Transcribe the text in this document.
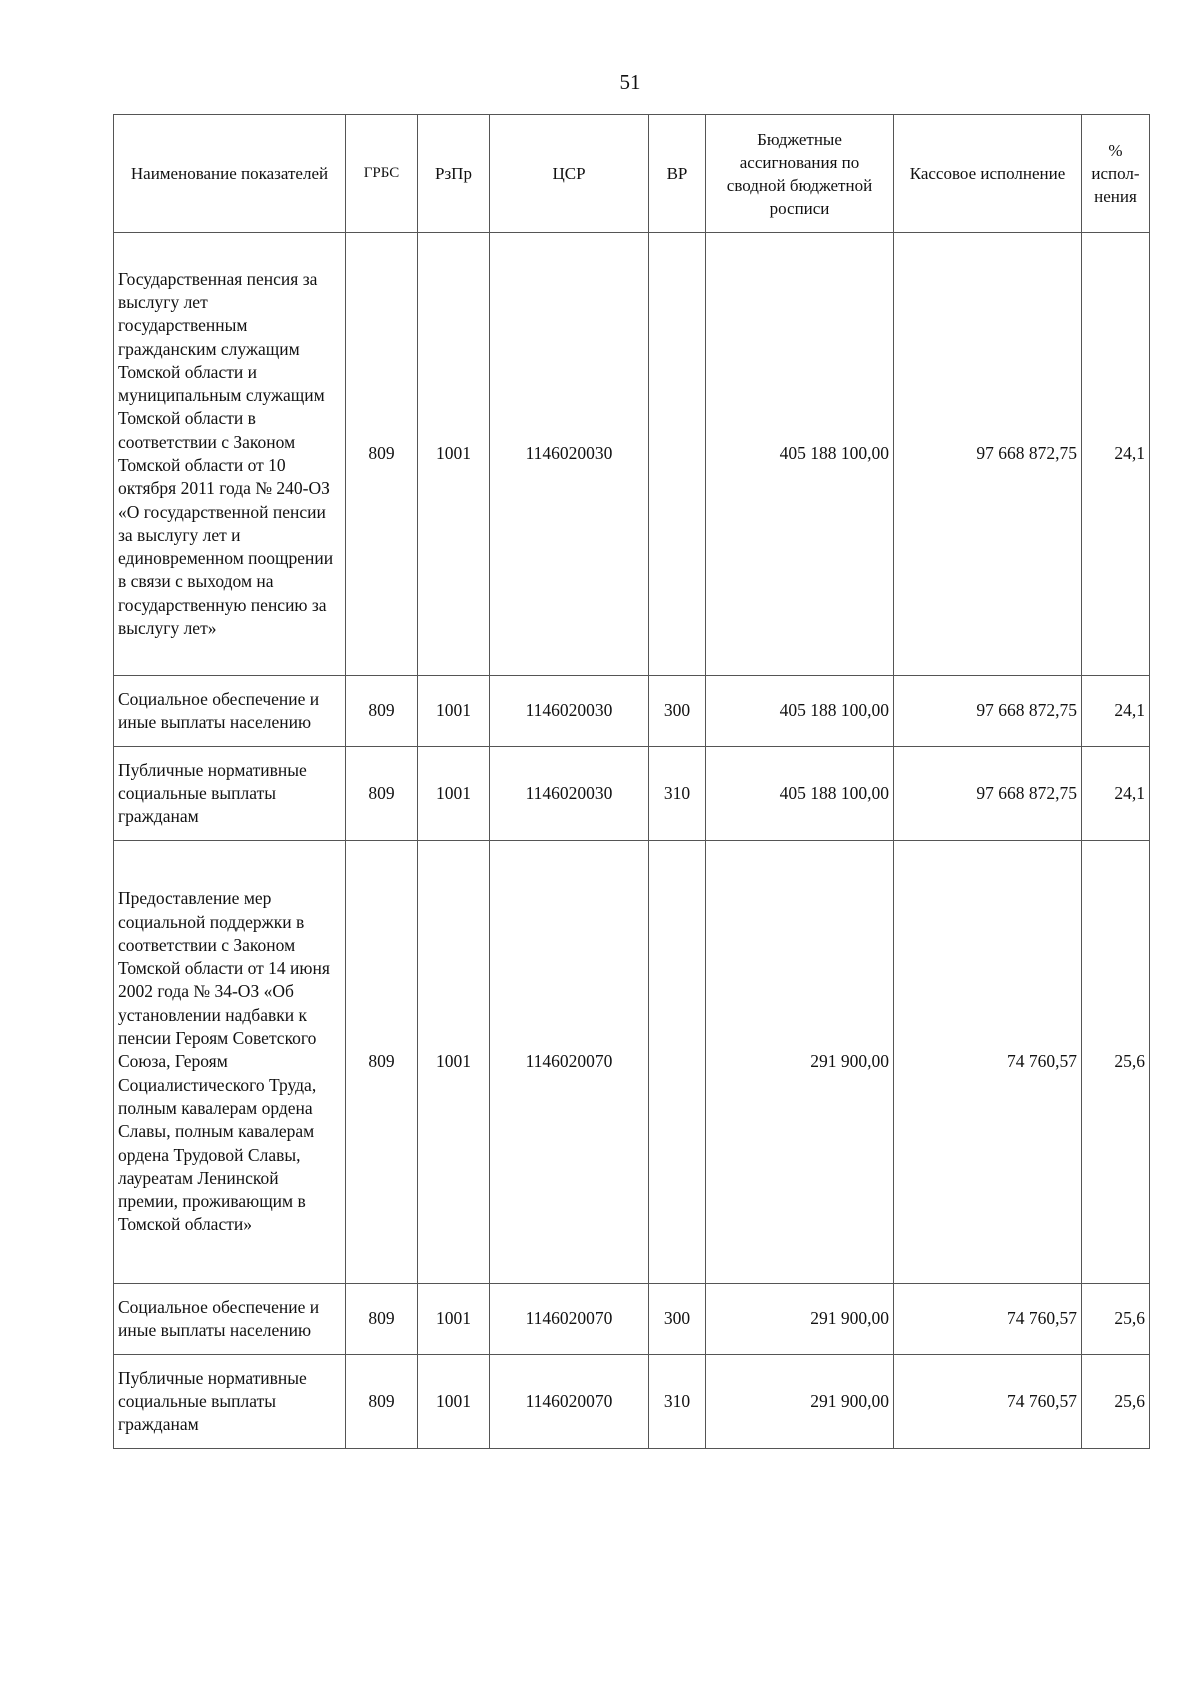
51
Наименование показателей	ГРБС	РзПр	ЦСР	ВР	Бюджетные ассигнования по сводной бюджетной росписи	Кассовое исполнение	% испол-нения
Государственная пенсия за выслугу лет государственным гражданским служащим Томской области и муниципальным служащим Томской области в соответствии с Законом Томской области от 10 октября 2011 года № 240-ОЗ «О государственной пенсии за выслугу лет и единовременном поощрении в связи с выходом на государственную пенсию за выслугу лет»	809	1001	1146020030		405 188 100,00	97 668 872,75	24,1
Социальное обеспечение и иные выплаты населению	809	1001	1146020030	300	405 188 100,00	97 668 872,75	24,1
Публичные нормативные социальные выплаты гражданам	809	1001	1146020030	310	405 188 100,00	97 668 872,75	24,1
Предоставление мер социальной поддержки в соответствии с Законом Томской области от 14 июня 2002 года № 34-ОЗ «Об установлении надбавки к пенсии Героям Советского Союза, Героям Социалистического Труда, полным кавалерам ордена Славы, полным кавалерам ордена Трудовой Славы, лауреатам Ленинской премии, проживающим в Томской области»	809	1001	1146020070		291 900,00	74 760,57	25,6
Социальное обеспечение и иные выплаты населению	809	1001	1146020070	300	291 900,00	74 760,57	25,6
Публичные нормативные социальные выплаты гражданам	809	1001	1146020070	310	291 900,00	74 760,57	25,6
